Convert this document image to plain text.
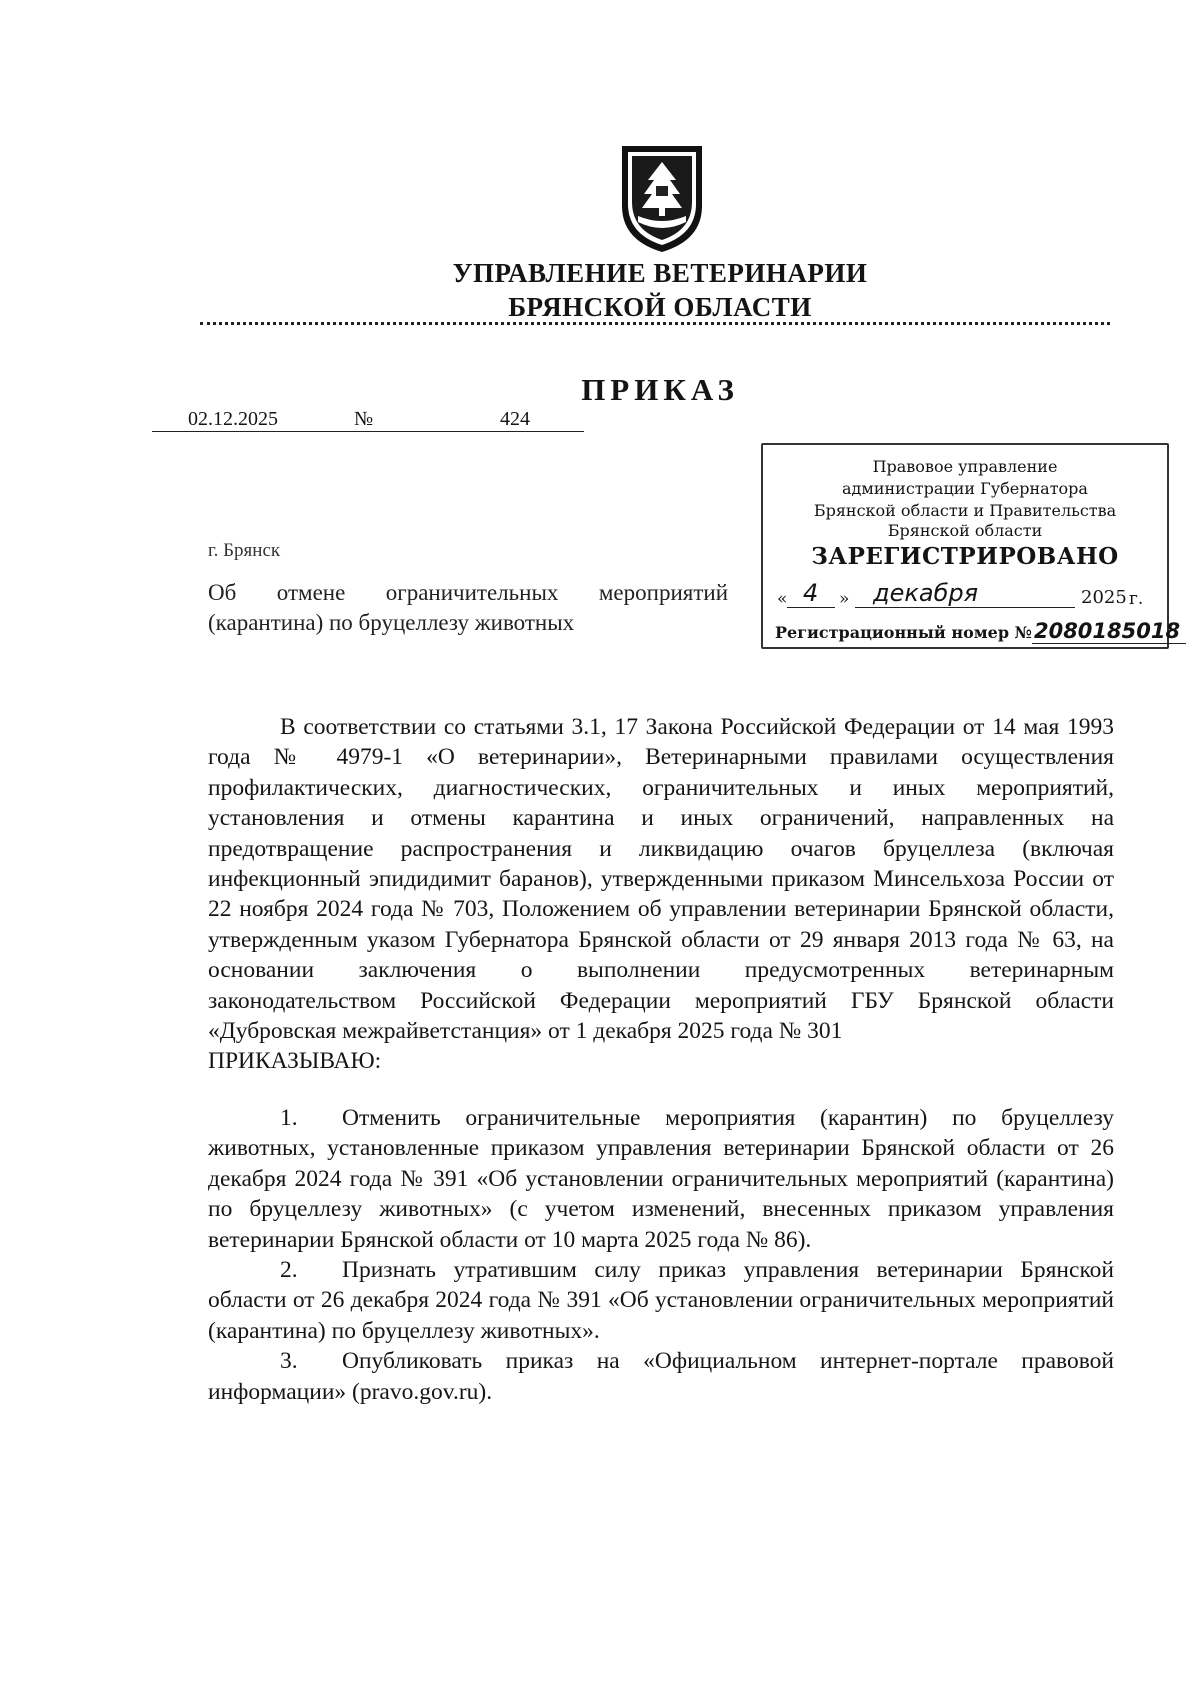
УПРАВЛЕНИЕ ВЕТЕРИНАРИИ
БРЯНСКОЙ ОБЛАСТИ
ПРИКАЗ
02.12.2025	№	424
Правовое управление
администрации Губернатора
Брянской области и Правительства
Брянской области
ЗАРЕГИСТРИРОВАНО
« 4 » декабря	2025 г.
Регистрационный номер №2080185018
г. Брянск
Об отмене ограничительных мероприятий (карантина) по бруцеллезу животных

В соответствии со статьями 3.1, 17 Закона Российской Федерации от 14 мая 1993 года № 4979-1 «О ветеринарии», Ветеринарными правилами осуществления профилактических, диагностических, ограничительных и иных мероприятий, установления и отмены карантина и иных ограничений, направленных на предотвращение распространения и ликвидацию очагов бруцеллеза (включая инфекционный эпидидимит баранов), утвержденными приказом Минсельхоза России от 22 ноября 2024 года № 703, Положением об управлении ветеринарии Брянской области, утвержденным указом Губернатора Брянской области от 29 января 2013 года № 63, на основании заключения о выполнении предусмотренных ветеринарным законодательством Российской Федерации мероприятий ГБУ Брянской области «Дубровская межрайветстанция» от 1 декабря 2025 года № 301

ПРИКАЗЫВАЮ:

1. Отменить ограничительные мероприятия (карантин) по бруцеллезу животных, установленные приказом управления ветеринарии Брянской области от 26 декабря 2024 года № 391 «Об установлении ограничительных мероприятий (карантина) по бруцеллезу животных» (с учетом изменений, внесенных приказом управления ветеринарии Брянской области от 10 марта 2025 года № 86).

2. Признать утратившим силу приказ управления ветеринарии Брянской области от 26 декабря 2024 года № 391 «Об установлении ограничительных мероприятий (карантина) по бруцеллезу животных».

3. Опубликовать приказ на «Официальном интернет-портале правовой информации» (pravo.gov.ru).
